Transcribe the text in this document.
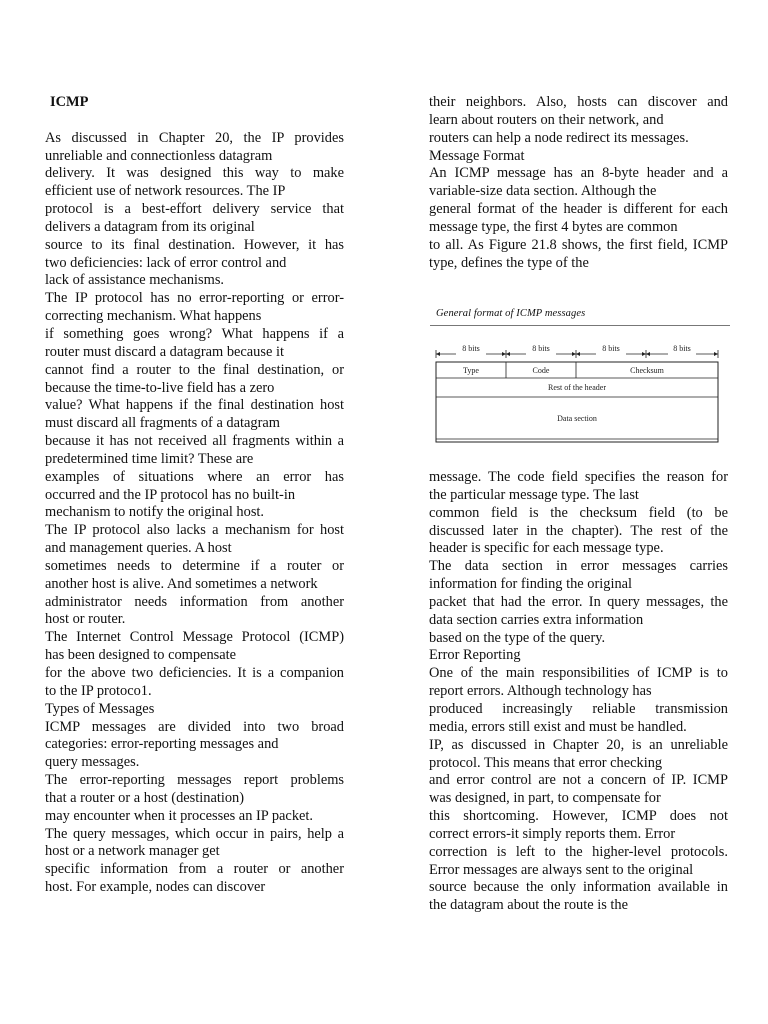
ICMP

As discussed in Chapter 20, the IP provides

unreliable and connectionless datagram

delivery. It was designed this way to make

efficient use of network resources. The IP

protocol is a best-effort delivery service that

delivers a datagram from its original

source to its final destination. However, it has

two deficiencies: lack of error control and

lack of assistance mechanisms.

The IP protocol has no error-reporting or error-

correcting mechanism. What happens

if something goes wrong? What happens if a

router must discard a datagram because it

cannot find a router to the final destination, or

because the time-to-live field has a zero

value? What happens if the final destination host

must discard all fragments of a datagram

because it has not received all fragments within a

predetermined time limit? These are

examples of situations where an error has

occurred and the IP protocol has no built-in

mechanism to notify the original host.

The IP protocol also lacks a mechanism for host

and management queries. A host

sometimes needs to determine if a router or

another host is alive. And sometimes a network

administrator needs information from another

host or router.

The Internet Control Message Protocol (ICMP)

has been designed to compensate

for the above two deficiencies. It is a companion

to the IP protoco1.

Types of Messages

ICMP messages are divided into two broad

categories: error-reporting messages and

query messages.

The error-reporting messages report problems

that a router or a host (destination)

may encounter when it processes an IP packet.

The query messages, which occur in pairs, help a

host or a network manager get

specific information from a router or another

host. For example, nodes can discover

their neighbors. Also, hosts can discover and

learn about routers on their network, and

routers can help a node redirect its messages.

Message Format

An ICMP message has an 8-byte header and a

variable-size data section. Although the

general format of the header is different for each

message type, the first 4 bytes are common

to all. As Figure 21.8 shows, the first field, ICMP

type, defines the type of the

General format of ICMP messages
8 bits	8 bits	8 bits	8 bits
Type	Code	Checksum
Rest of the header
Data section

message. The code field specifies the reason for

the particular message type. The last

common field is the checksum field (to be

discussed later in the chapter). The rest of the

header is specific for each message type.

The data section in error messages carries

information for finding the original

packet that had the error. In query messages, the

data section carries extra information

based on the type of the query.

Error Reporting

One of the main responsibilities of ICMP is to

report errors. Although technology has

produced increasingly reliable transmission

media, errors still exist and must be handled.

IP, as discussed in Chapter 20, is an unreliable

protocol. This means that error checking

and error control are not a concern of IP. ICMP

was designed, in part, to compensate for

this shortcoming. However, ICMP does not

correct errors-it simply reports them. Error

correction is left to the higher-level protocols.

Error messages are always sent to the original

source because the only information available in

the datagram about the route is the
